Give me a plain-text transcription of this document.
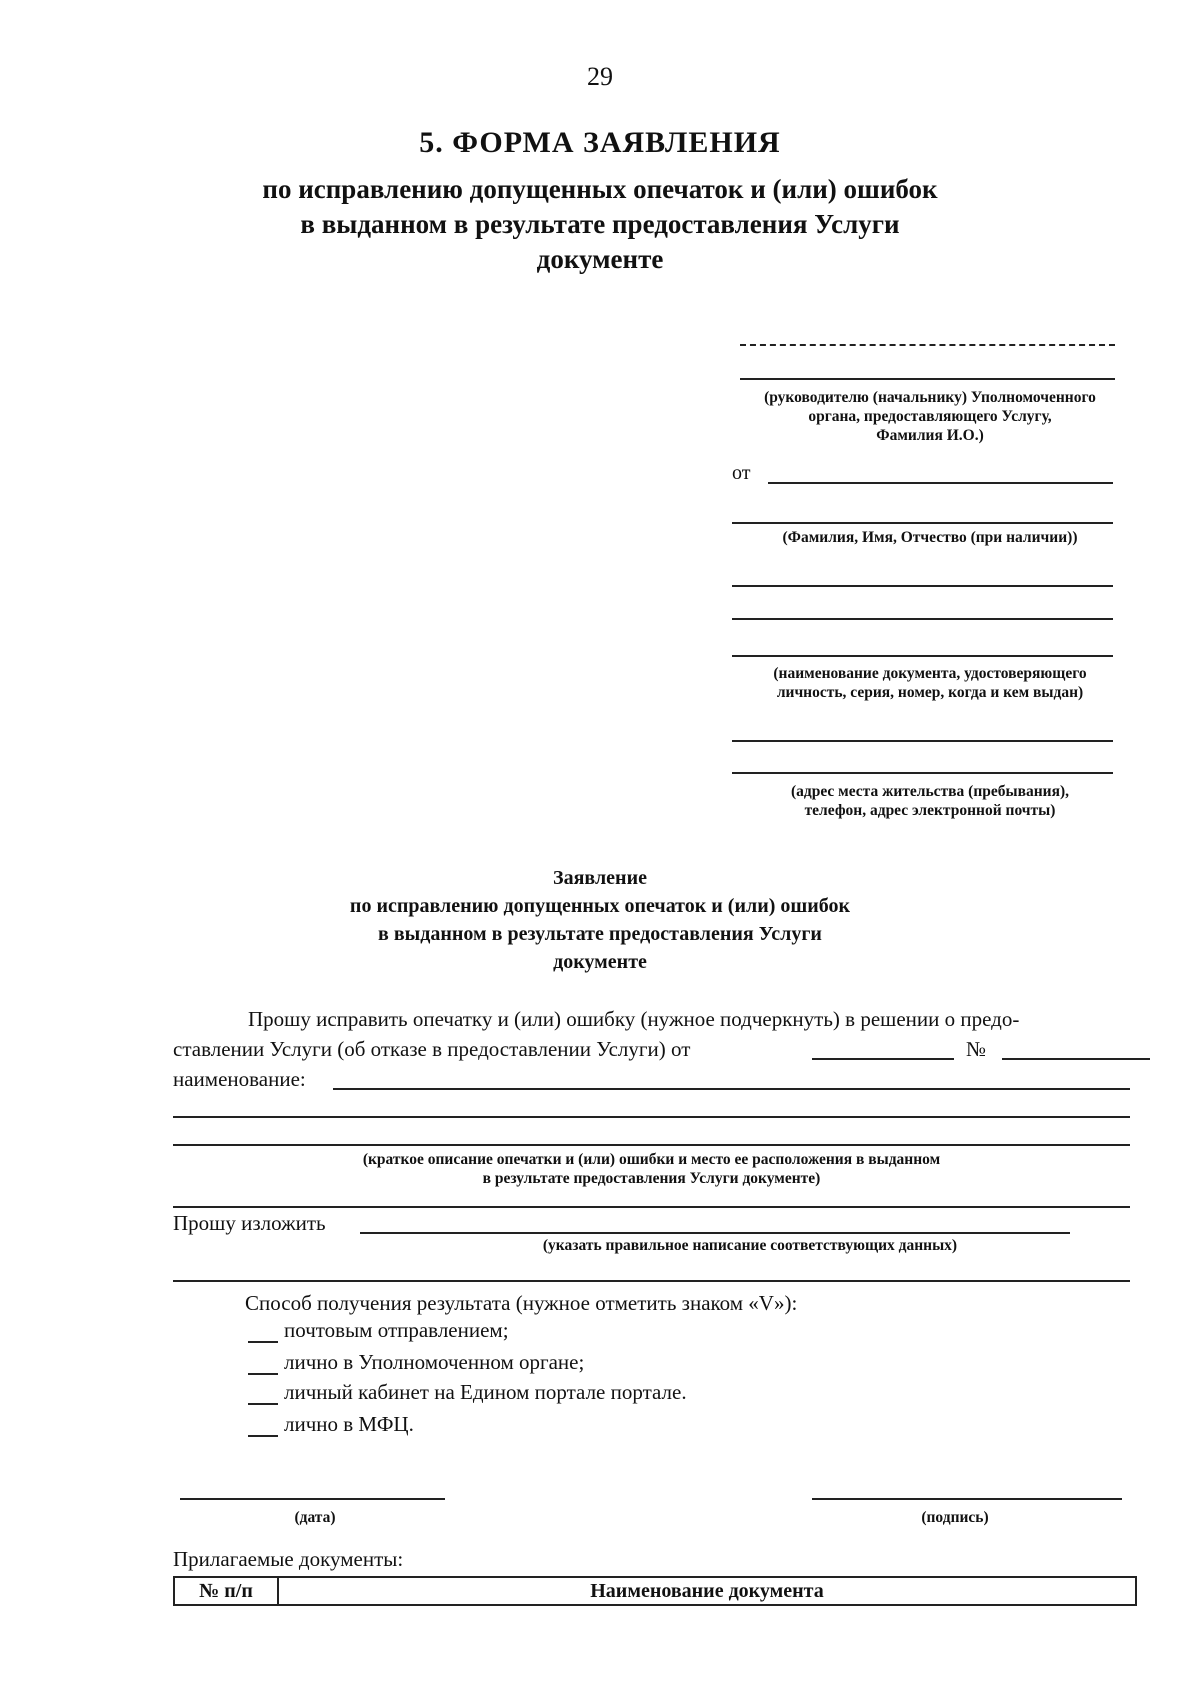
29
5. ФОРМА ЗАЯВЛЕНИЯ
по исправлению допущенных опечаток и (или) ошибок
в выданном в результате предоставления Услуги
документе
(руководителю (начальнику) Уполномоченного
органа, предоставляющего Услугу,
Фамилия И.О.)
от
(Фамилия, Имя, Отчество (при наличии))
(наименование документа, удостоверяющего
личность, серия, номер, когда и кем выдан)
(адрес места жительства (пребывания),
телефон, адрес электронной почты)
Заявление
по исправлению допущенных опечаток и (или) ошибок
в выданном в результате предоставления Услуги
документе
Прошу исправить опечатку и (или) ошибку (нужное подчеркнуть) в решении о предо-
ставлении Услуги (об отказе в предоставлении Услуги) от	№
наименование:
(краткое описание опечатки и (или) ошибки и место ее расположения в выданном
в результате предоставления Услуги документе)
Прошу изложить
(указать правильное написание соответствующих данных)
Способ получения результата (нужное отметить знаком «V»):
почтовым отправлением;
лично в Уполномоченном органе;
личный кабинет на Едином портале портале.
лично в МФЦ.
(дата)	(подпись)
Прилагаемые документы:
№ п/п	Наименование документа
